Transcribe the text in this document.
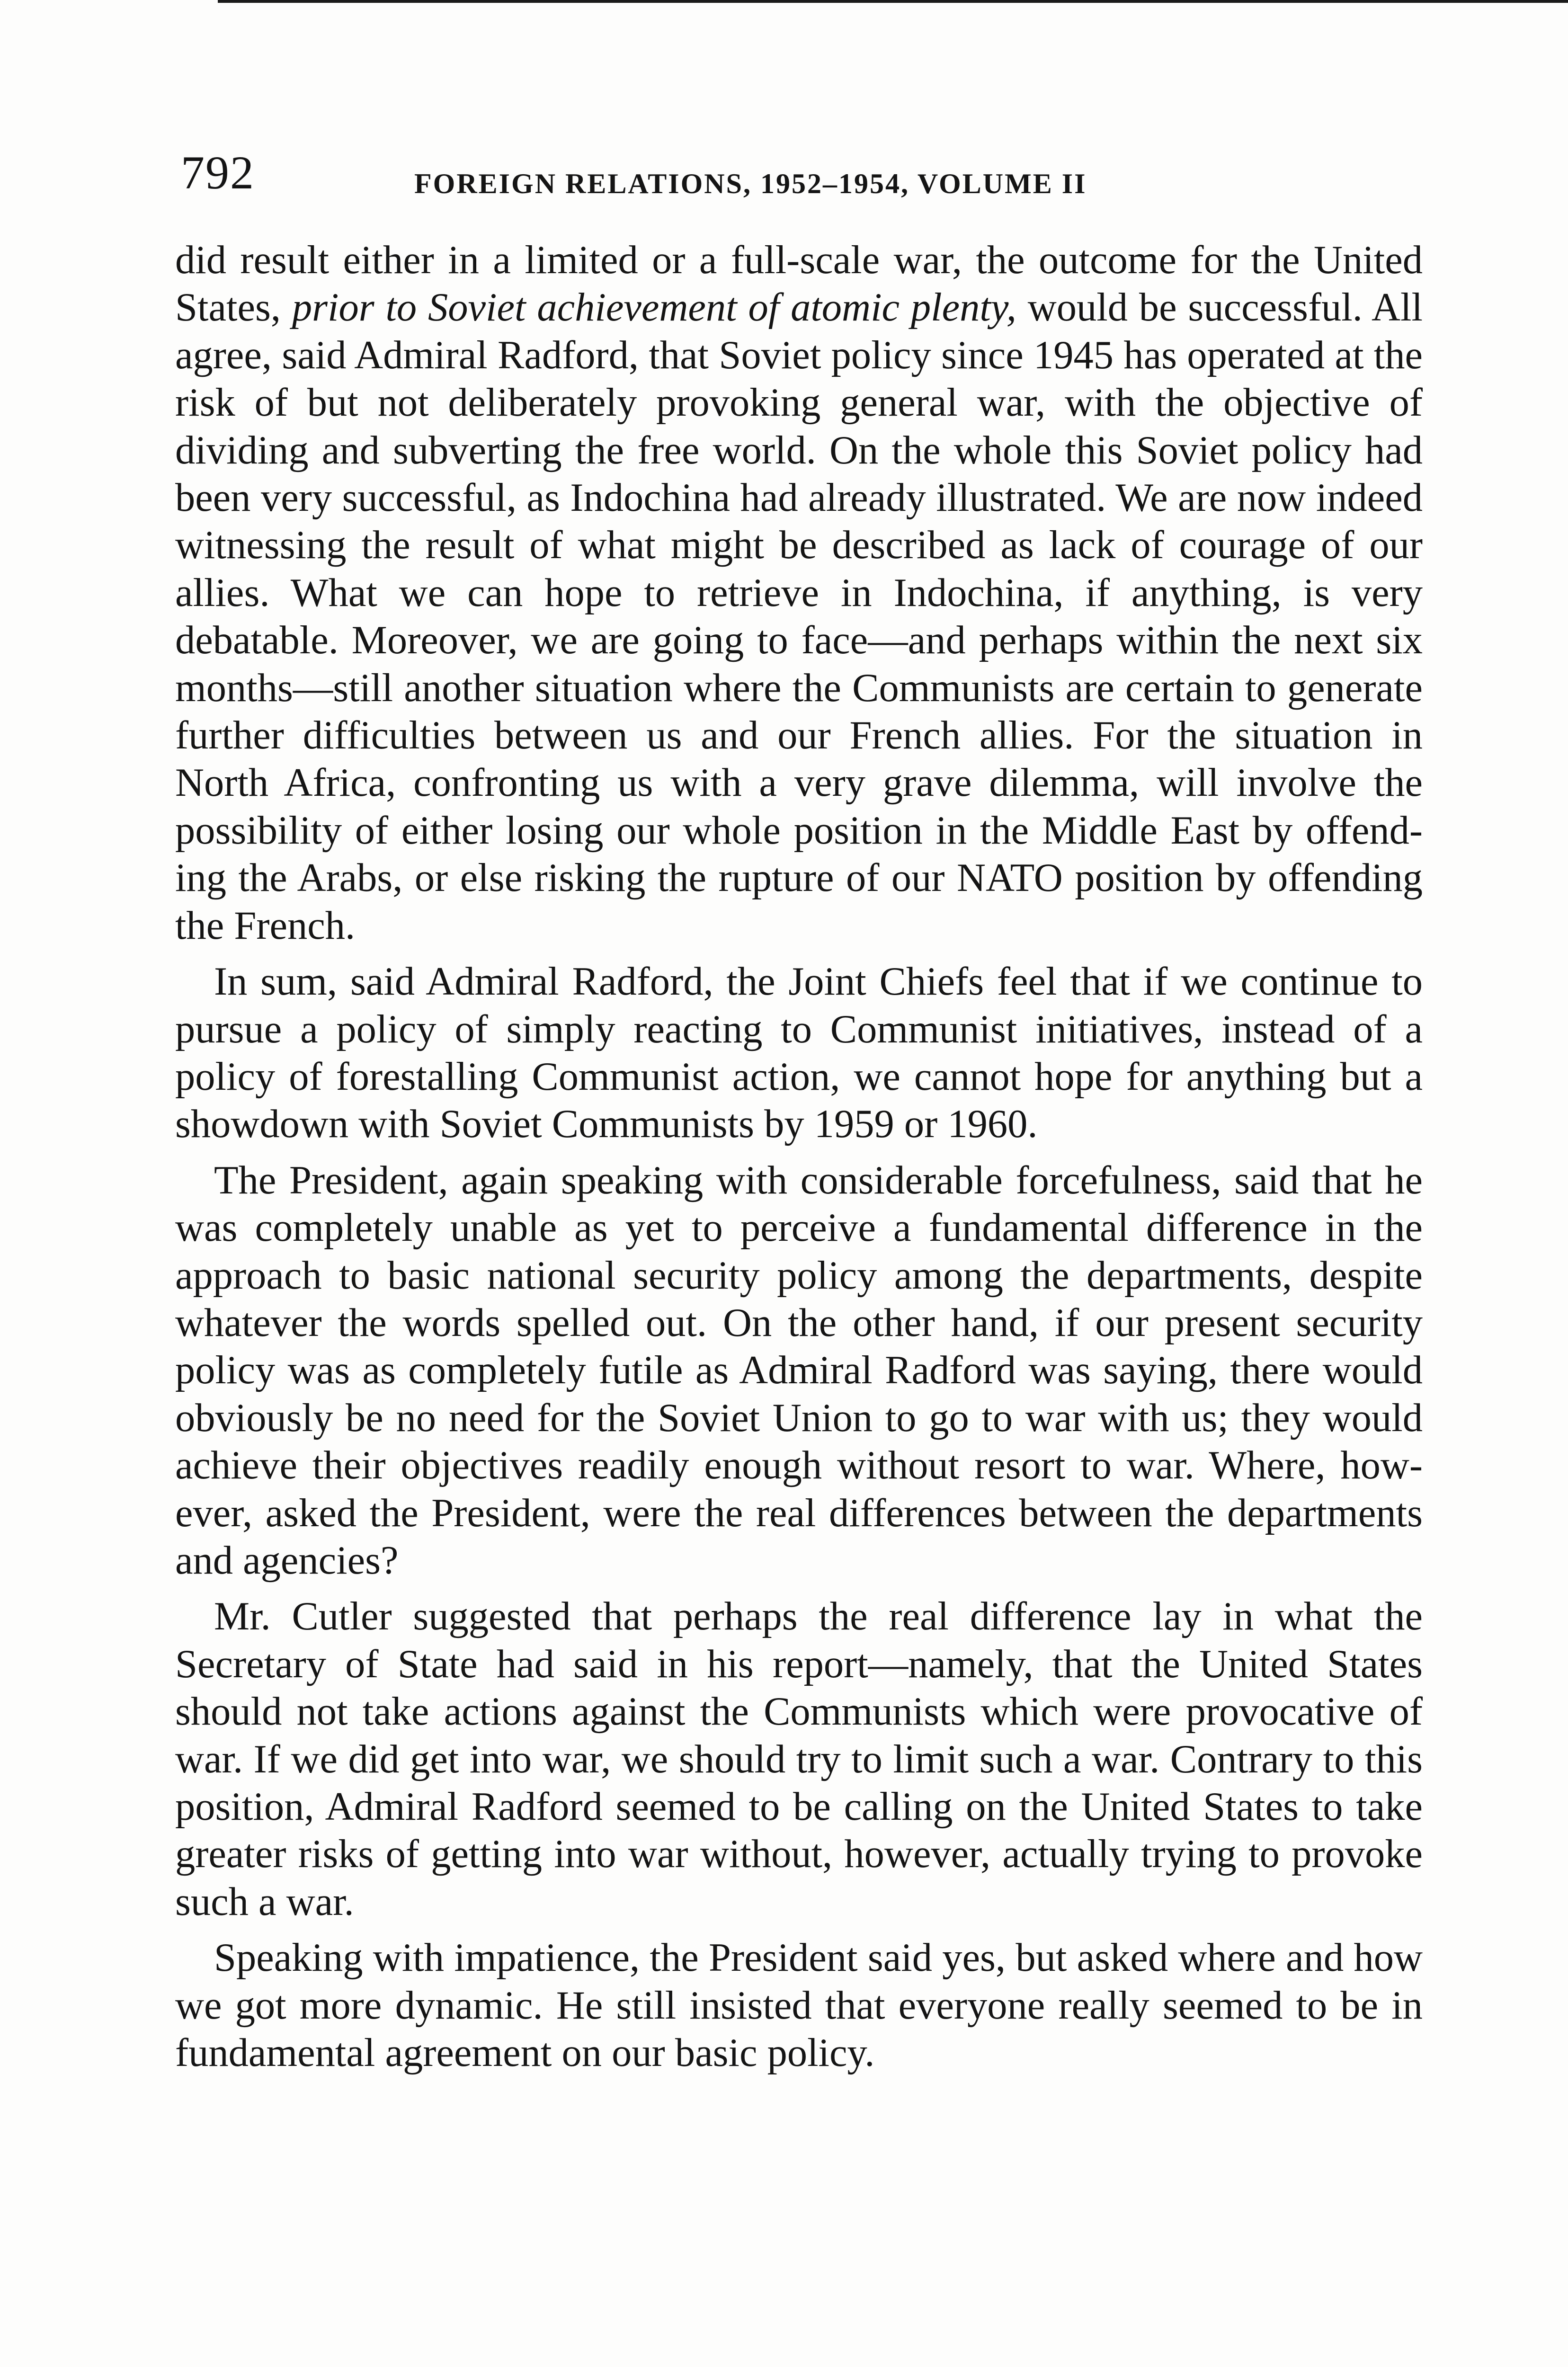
792	FOREIGN RELATIONS, 1952–1954, VOLUME II

did result either in a limited or a full-scale war, the outcome for the United States, prior to Soviet achievement of atomic plenty, would be successful. All agree, said Admiral Radford, that Soviet policy since 1945 has operated at the risk of but not deliberately provoking general war, with the objective of dividing and subverting the free world. On the whole this Soviet policy had been very successful, as Indochina had already illustrated. We are now indeed witnessing the result of what might be described as lack of courage of our allies. What we can hope to retrieve in Indochina, if anything, is very debatable. Moreover, we are going to face—and perhaps within the next six months—still another situation where the Communists are certain to generate further difficulties between us and our French allies. For the situation in North Africa, confronting us with a very grave dilemma, will involve the possibility of either losing our whole position in the Middle East by offending the Arabs, or else risking the rupture of our NATO position by offending the French.

In sum, said Admiral Radford, the Joint Chiefs feel that if we continue to pursue a policy of simply reacting to Communist initiatives, instead of a policy of forestalling Communist action, we cannot hope for anything but a showdown with Soviet Communists by 1959 or 1960.

The President, again speaking with considerable forcefulness, said that he was completely unable as yet to perceive a fundamental difference in the approach to basic national security policy among the departments, despite whatever the words spelled out. On the other hand, if our present security policy was as completely futile as Admiral Radford was saying, there would obviously be no need for the Soviet Union to go to war with us; they would achieve their objectives readily enough without resort to war. Where, however, asked the President, were the real differences between the departments and agencies?

Mr. Cutler suggested that perhaps the real difference lay in what the Secretary of State had said in his report—namely, that the United States should not take actions against the Communists which were provocative of war. If we did get into war, we should try to limit such a war. Contrary to this position, Admiral Radford seemed to be calling on the United States to take greater risks of getting into war without, however, actually trying to provoke such a war.

Speaking with impatience, the President said yes, but asked where and how we got more dynamic. He still insisted that everyone really seemed to be in fundamental agreement on our basic policy.
